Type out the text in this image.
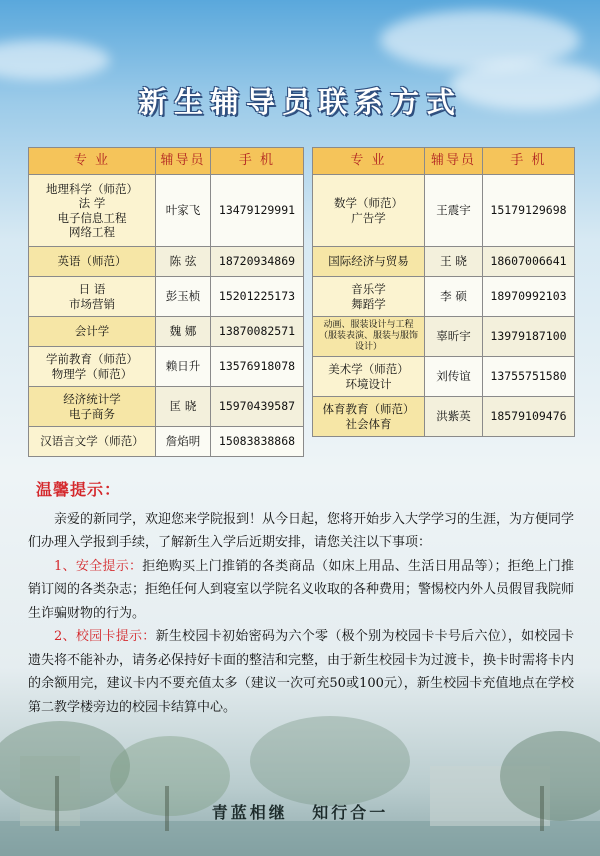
新生辅导员联系方式
专 业	辅导员	手 机

地理科学（师范）
法 学
电子信息工程
网络工程	叶家飞	13479129991

英语（师范）	陈 弦	18720934869

日 语
市场营销	彭玉桢	15201225173

会计学	魏 娜	13870082571

学前教育（师范）
物理学（师范）	赖日升	13576918078

经济统计学
电子商务	匡 晓	15970439587

汉语言文学（师范）	詹焰明	15083838868
专 业	辅导员	手 机

数学（师范）
广告学	王震宇	15179129698

国际经济与贸易	王 晓	18607006641

音乐学
舞蹈学	李 硕	18970992103

动画、服装设计与工程
（服装表演、服装与服饰设计）	辜昕宇	13979187100

美术学（师范）
环境设计	刘传谊	13755751580

体育教育（师范）
社会体育	洪紫英	18579109476
温馨提示：

亲爱的新同学，欢迎您来学院报到！从今日起，您将开始步入大学学习的生涯，为方便同学们办理入学报到手续，了解新生入学后近期安排，请您关注以下事项：

1、安全提示：拒绝购买上门推销的各类商品（如床上用品、生活日用品等）；拒绝上门推销订阅的各类杂志；拒绝任何人到寝室以学院名义收取的各种费用；警惕校内外人员假冒我院师生诈骗财物的行为。

2、校园卡提示：新生校园卡初始密码为六个零（极个别为校园卡卡号后六位），如校园卡遗失将不能补办，请务必保持好卡面的整洁和完整，由于新生校园卡为过渡卡，换卡时需将卡内的余额用完，建议卡内不要充值太多（建议一次可充50或100元），新生校园卡充值地点在学校第二教学楼旁边的校园卡结算中心。

青蓝相继 知行合一
